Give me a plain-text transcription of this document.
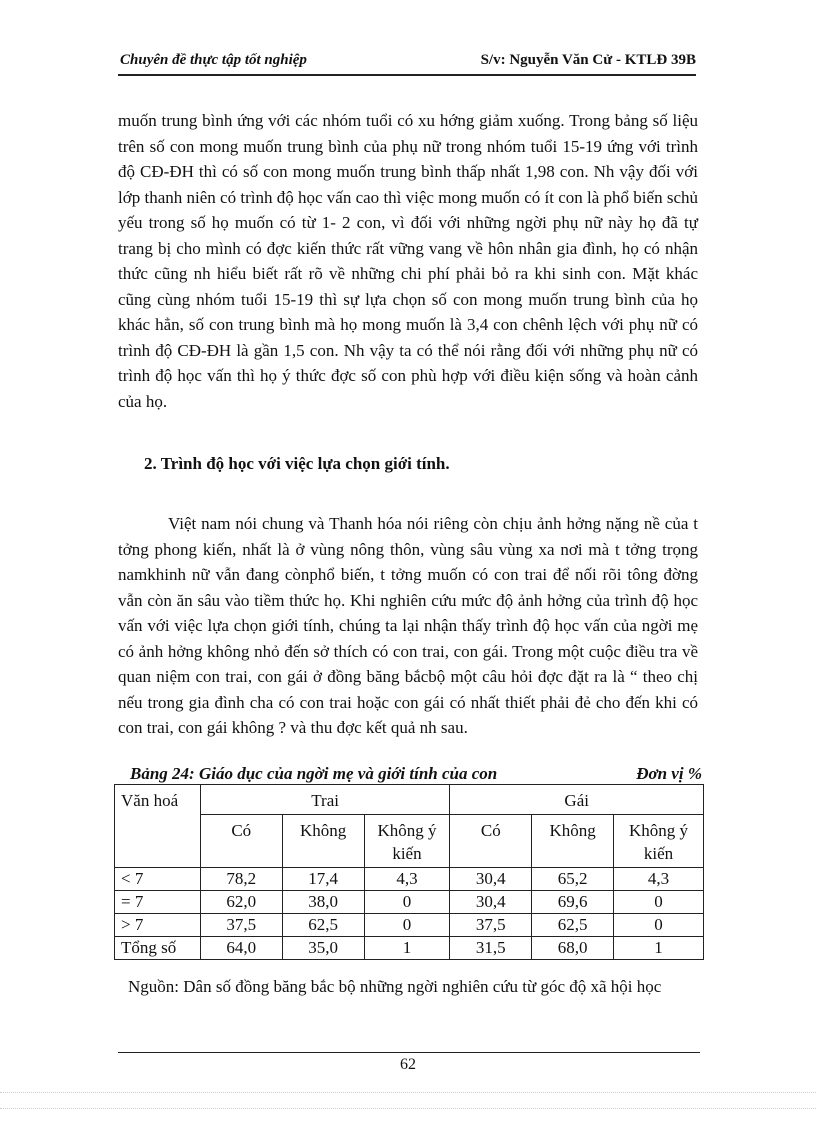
Chuyên đề thực tập tốt nghiệp	S/v: Nguyễn Văn Cử - KTLĐ 39B

muốn trung bình ứng với các nhóm tuổi có xu hớng giảm xuống. Trong bảng số liệu trên số con mong muốn trung bình của phụ nữ trong nhóm tuổi 15-19 ứng với trình độ CĐ-ĐH thì có số con mong muốn trung bình thấp nhất 1,98 con. Nh vậy đối với lớp thanh niên có trình độ học vấn cao thì việc mong muốn có ít con là phổ biến schủ yếu trong số họ muốn có từ 1- 2 con, vì đối với những ngời phụ nữ này họ đã tự trang bị cho mình có đợc kiến thức rất vững vang về hôn nhân gia đình, họ có nhận thức cũng nh hiểu biết rất rõ về những chi phí phải bỏ ra khi sinh con. Mặt khác cũng cùng nhóm tuổi 15-19 thì sự lựa chọn số con mong muốn trung bình của họ khác hẳn, số con trung bình mà họ mong muốn là 3,4 con chênh lệch với phụ nữ có trình độ CĐ-ĐH là gần 1,5 con. Nh vậy ta có thể nói rằng đối với những phụ nữ có trình độ học vấn thì họ ý thức đợc số con phù hợp với điều kiện sống và hoàn cảnh của họ.

2. Trình độ học với việc lựa chọn giới tính.

Việt nam nói chung và Thanh hóa nói riêng còn chịu ảnh hởng nặng nề của t tởng phong kiến, nhất là ở vùng nông thôn, vùng sâu vùng xa nơi mà t tởng trọng namkhinh nữ vẫn đang cònphổ biến, t tởng muốn có con trai để nối rõi tông đờng vẫn còn ăn sâu vào tiềm thức họ. Khi nghiên cứu mức độ ảnh hởng của trình độ học vấn với việc lựa chọn giới tính, chúng ta lại nhận thấy trình độ học vấn của ngời mẹ có ảnh hởng không nhỏ đến sở thích có con trai, con gái. Trong một cuộc điều tra về quan niệm con trai, con gái ở đồng băng bắcbộ một câu hỏi đợc đặt ra là “ theo chị nếu trong gia đình cha có con trai hoặc con gái có nhất thiết phải đẻ cho đến khi có con trai, con gái không ? và thu đợc kết quả nh sau.

Bảng 24: Giáo dục của ngời mẹ và giới tính của con	Đơn vị %
Văn hoá	Trai			Gái		
	Có	Không	Không ý kiến	Có	Không	Không ý kiến
< 7	78,2	17,4	4,3	30,4	65,2	4,3
= 7	62,0	38,0	0	30,4	69,6	0
> 7	37,5	62,5	0	37,5	62,5	0
Tổng số	64,0	35,0	1	31,5	68,0	1
Nguồn: Dân số đồng băng bắc bộ những ngời nghiên cứu từ góc độ xã hội học
62
